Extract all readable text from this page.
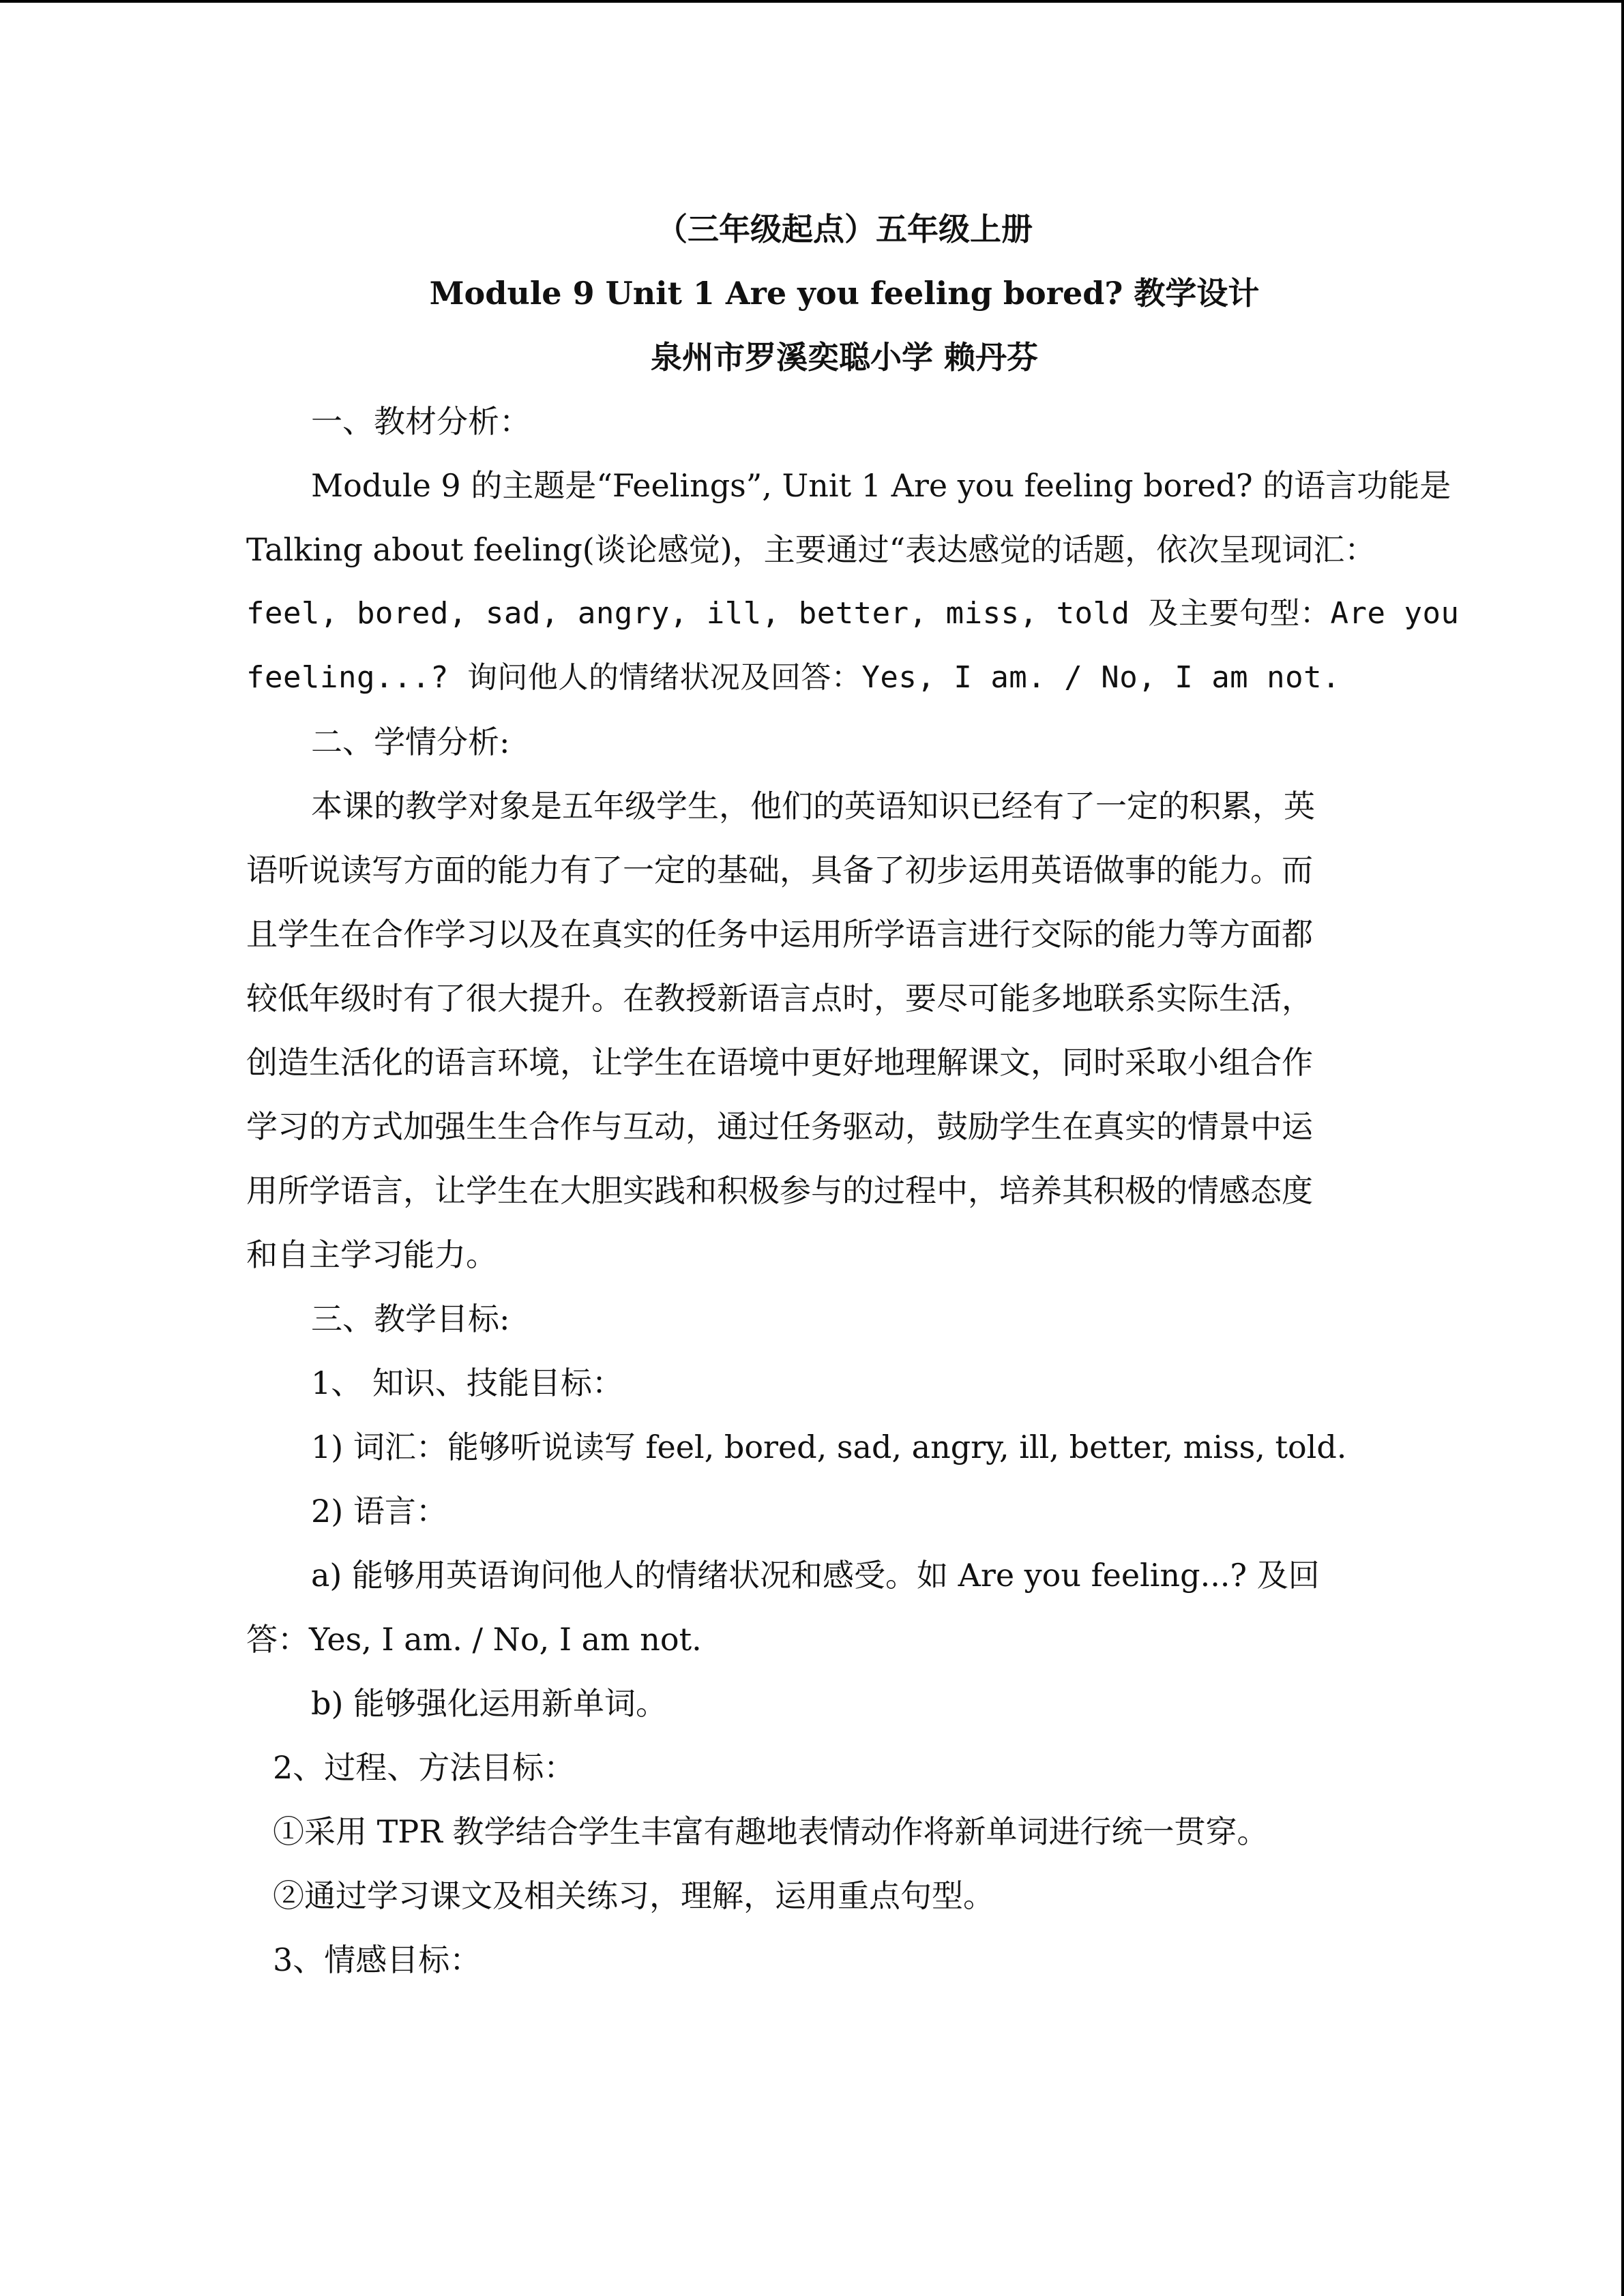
（三年级起点）五年级上册
Module 9 Unit 1 Are you feeling bored? 教学设计
泉州市罗溪奕聪小学 赖丹芬
一、教材分析：
Module 9 的主题是“Feelings”, Unit 1 Are you feeling bored? 的语言功能是
Talking about feeling(谈论感觉)，主要通过“表达感觉的话题，依次呈现词汇：
feel, bored, sad, angry, ill, better, miss, told 及主要句型：Are you
feeling...? 询问他人的情绪状况及回答：Yes, I am. / No, I am not.
二、学情分析:
本课的教学对象是五年级学生，他们的英语知识已经有了一定的积累，英
语听说读写方面的能力有了一定的基础，具备了初步运用英语做事的能力。而
且学生在合作学习以及在真实的任务中运用所学语言进行交际的能力等方面都
较低年级时有了很大提升。在教授新语言点时，要尽可能多地联系实际生活，
创造生活化的语言环境，让学生在语境中更好地理解课文，同时采取小组合作
学习的方式加强生生合作与互动，通过任务驱动，鼓励学生在真实的情景中运
用所学语言，让学生在大胆实践和积极参与的过程中，培养其积极的情感态度
和自主学习能力。
三、教学目标:
1、 知识、技能目标：
1) 词汇：能够听说读写 feel, bored, sad, angry, ill, better, miss, told.
2) 语言：
a) 能够用英语询问他人的情绪状况和感受。如 Are you feeling...? 及回
答：Yes, I am. / No, I am not.
b) 能够强化运用新单词。
2、过程、方法目标：
①采用 TPR 教学结合学生丰富有趣地表情动作将新单词进行统一贯穿。
②通过学习课文及相关练习，理解，运用重点句型。
3、情感目标：
